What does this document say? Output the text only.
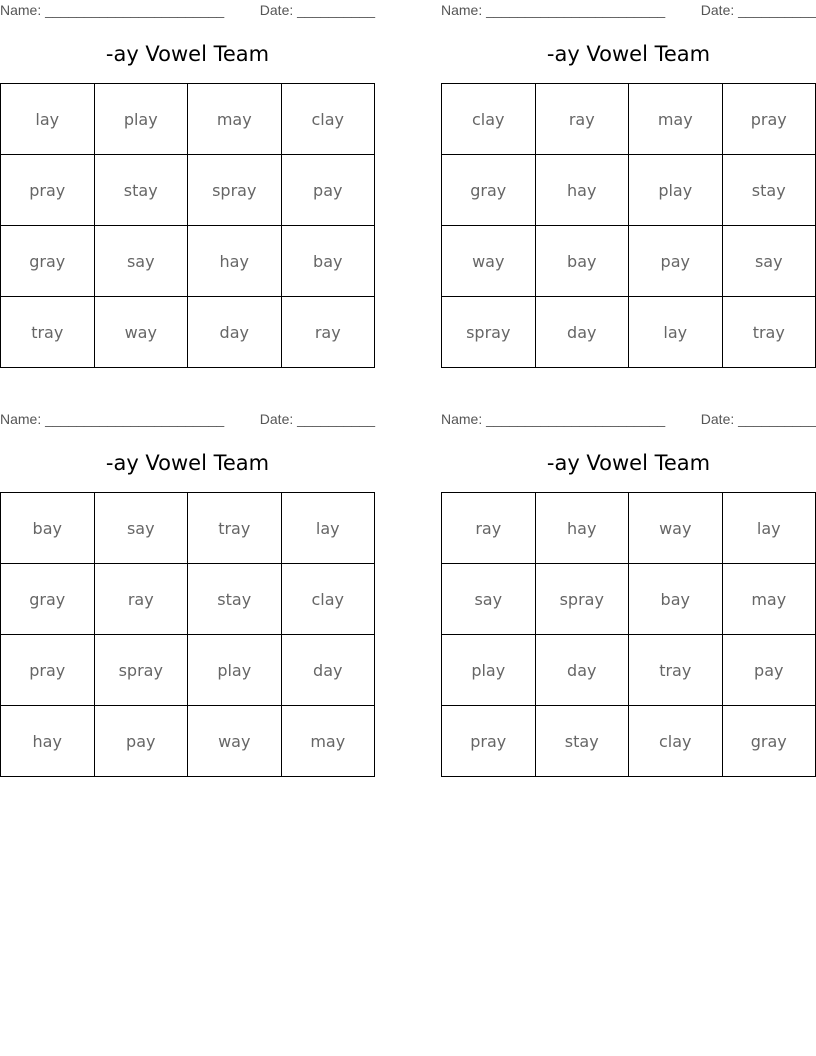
Name: _______________________	Date: __________
-ay Vowel Team
lay	play	may	clay
pray	stay	spray	pay
gray	say	hay	bay
tray	way	day	ray
Name: _______________________	Date: __________
-ay Vowel Team
clay	ray	may	pray
gray	hay	play	stay
way	bay	pay	say
spray	day	lay	tray
Name: _______________________	Date: __________
-ay Vowel Team
bay	say	tray	lay
gray	ray	stay	clay
pray	spray	play	day
hay	pay	way	may
Name: _______________________	Date: __________
-ay Vowel Team
ray	hay	way	lay
say	spray	bay	may
play	day	tray	pay
pray	stay	clay	gray
